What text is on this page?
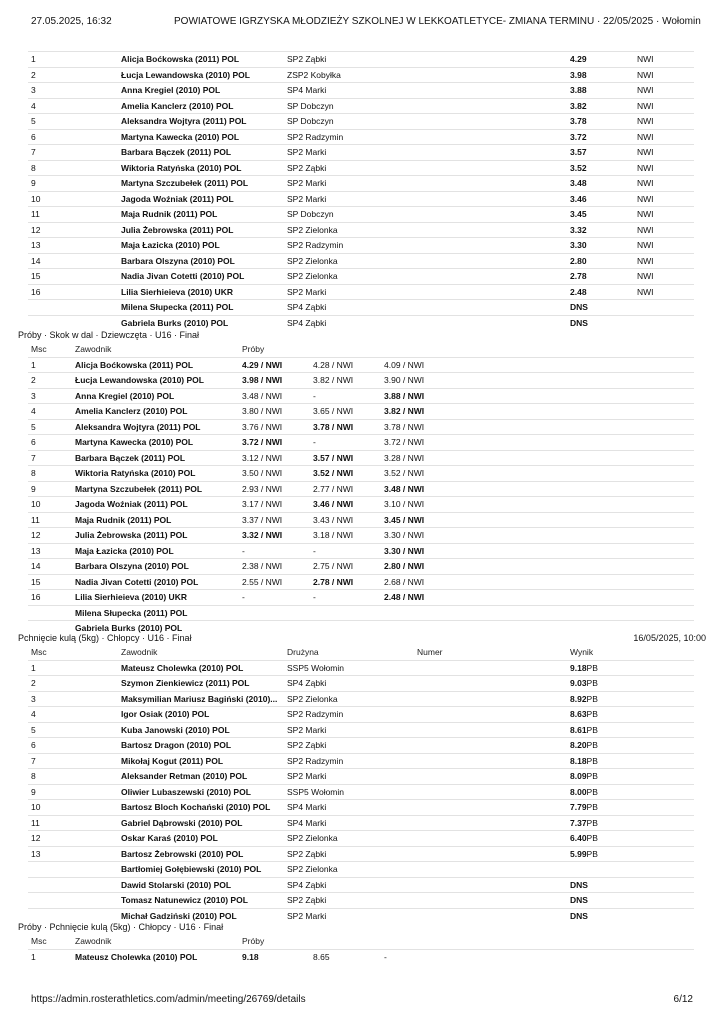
27.05.2025, 16:32	POWIATOWE IGRZYSKA MŁODZIEŻY SZKOLNEJ W LEKKOATLETYCE- ZMIANA TERMINU · 22/05/2025 · Wołomin
1	Alicja Boćkowska (2011) POL	SP2 Ząbki	4.29	NWI
2	Łucja Lewandowska (2010) POL	ZSP2 Kobyłka	3.98	NWI
3	Anna Kregiel (2010) POL	SP4 Marki	3.88	NWI
4	Amelia Kanclerz (2010) POL	SP Dobczyn	3.82	NWI
5	Aleksandra Wojtyra (2011) POL	SP Dobczyn	3.78	NWI
6	Martyna Kawecka (2010) POL	SP2 Radzymin	3.72	NWI
7	Barbara Bączek (2011) POL	SP2 Marki	3.57	NWI
8	Wiktoria Ratyńska (2010) POL	SP2 Ząbki	3.52	NWI
9	Martyna Szczubełek (2011) POL	SP2 Marki	3.48	NWI
10	Jagoda Woźniak (2011) POL	SP2 Marki	3.46	NWI
11	Maja Rudnik (2011) POL	SP Dobczyn	3.45	NWI
12	Julia Żebrowska (2011) POL	SP2 Zielonka	3.32	NWI
13	Maja Łazicka (2010) POL	SP2 Radzymin	3.30	NWI
14	Barbara Olszyna (2010) POL	SP2 Zielonka	2.80	NWI
15	Nadia Jivan Cotetti (2010) POL	SP2 Zielonka	2.78	NWI
16	Lilia Sierhieieva (2010) UKR	SP2 Marki	2.48	NWI
	Milena Słupecka (2011) POL	SP4 Ząbki	DNS	
	Gabriela Burks (2010) POL	SP4 Ząbki	DNS	
Próby · Skok w dal · Dziewczęta · U16 · Finał
Msc	Zawodnik	Próby			
1	Alicja Boćkowska (2011) POL	4.29 / NWI	4.28 / NWI	4.09 / NWI	
2	Łucja Lewandowska (2010) POL	3.98 / NWI	3.82 / NWI	3.90 / NWI	
3	Anna Kregiel (2010) POL	3.48 / NWI	-	3.88 / NWI	
4	Amelia Kanclerz (2010) POL	3.80 / NWI	3.65 / NWI	3.82 / NWI	
5	Aleksandra Wojtyra (2011) POL	3.76 / NWI	3.78 / NWI	3.78 / NWI	
6	Martyna Kawecka (2010) POL	3.72 / NWI	-	3.72 / NWI	
7	Barbara Bączek (2011) POL	3.12 / NWI	3.57 / NWI	3.28 / NWI	
8	Wiktoria Ratyńska (2010) POL	3.50 / NWI	3.52 / NWI	3.52 / NWI	
9	Martyna Szczubełek (2011) POL	2.93 / NWI	2.77 / NWI	3.48 / NWI	
10	Jagoda Woźniak (2011) POL	3.17 / NWI	3.46 / NWI	3.10 / NWI	
11	Maja Rudnik (2011) POL	3.37 / NWI	3.43 / NWI	3.45 / NWI	
12	Julia Żebrowska (2011) POL	3.32 / NWI	3.18 / NWI	3.30 / NWI	
13	Maja Łazicka (2010) POL	-	-	3.30 / NWI	
14	Barbara Olszyna (2010) POL	2.38 / NWI	2.75 / NWI	2.80 / NWI	
15	Nadia Jivan Cotetti (2010) POL	2.55 / NWI	2.78 / NWI	2.68 / NWI	
16	Lilia Sierhieieva (2010) UKR	-	-	2.48 / NWI	
	Milena Słupecka (2011) POL				
	Gabriela Burks (2010) POL				
Pchnięcie kulą (5kg) · Chłopcy · U16 · Finał	16/05/2025, 10:00
Msc	Zawodnik	Drużyna	Numer	Wynik
1	Mateusz Cholewka (2010) POL	SSP5 Wołomin		9.18PB
2	Szymon Zienkiewicz (2011) POL	SP4 Ząbki		9.03PB
3	Maksymilian Mariusz Bagiński (2010)...	SP2 Zielonka		8.92PB
4	Igor Osiak (2010) POL	SP2 Radzymin		8.63PB
5	Kuba Janowski (2010) POL	SP2 Marki		8.61PB
6	Bartosz Dragon (2010) POL	SP2 Ząbki		8.20PB
7	Mikołaj Kogut (2011) POL	SP2 Radzymin		8.18PB
8	Aleksander Retman (2010) POL	SP2 Marki		8.09PB
9	Oliwier Lubaszewski (2010) POL	SSP5 Wołomin		8.00PB
10	Bartosz Bloch Kochański (2010) POL	SP4 Marki		7.79PB
11	Gabriel Dąbrowski (2010) POL	SP4 Marki		7.37PB
12	Oskar Karaś (2010) POL	SP2 Zielonka		6.40PB
13	Bartosz Żebrowski (2010) POL	SP2 Ząbki		5.99PB
	Bartłomiej Gołębiewski (2010) POL	SP2 Zielonka		
	Dawid Stolarski (2010) POL	SP4 Ząbki		DNS
	Tomasz Natunewicz (2010) POL	SP2 Ząbki		DNS
	Michał Gadziński (2010) POL	SP2 Marki		DNS
Próby · Pchnięcie kulą (5kg) · Chłopcy · U16 · Finał
Msc	Zawodnik	Próby			
1	Mateusz Cholewka (2010) POL	9.18	8.65	-	
https://admin.rosterathletics.com/admin/meeting/26769/details	6/12
